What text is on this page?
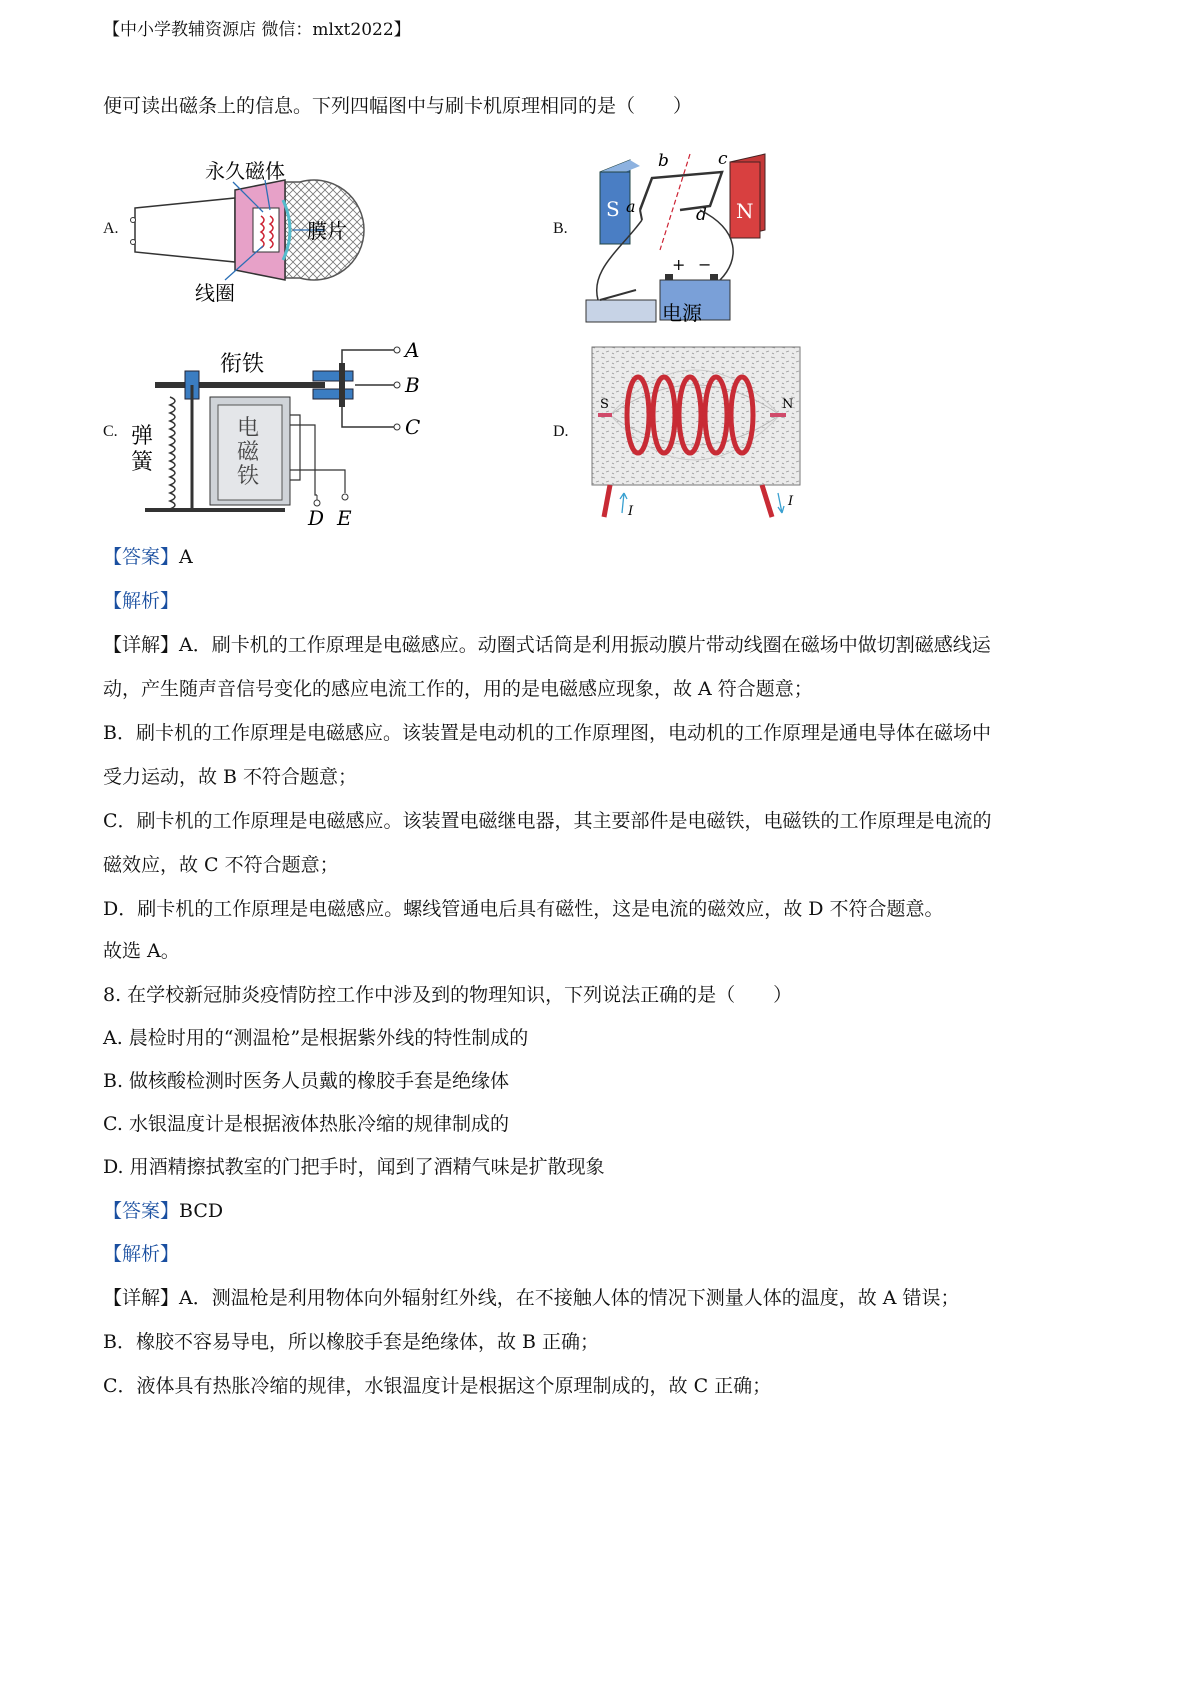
【中小学教辅资源店 微信：mlxt2022】
便可读出磁条上的信息。下列四幅图中与刷卡机原理相同的是（　　）
A.
永久磁体
膜片
线圈
B.
S	N
a
b	c
d
+ −
电源
C.
衔铁
弹
簧
电
磁
铁
A
B
C
D E
D.
S	N
I
I
【答案】A
【解析】
【详解】A．刷卡机的工作原理是电磁感应。动圈式话筒是利用振动膜片带动线圈在磁场中做切割磁感线运
动，产生随声音信号变化的感应电流工作的，用的是电磁感应现象，故 A 符合题意；
B．刷卡机的工作原理是电磁感应。该装置是电动机的工作原理图，电动机的工作原理是通电导体在磁场中
受力运动，故 B 不符合题意；
C．刷卡机的工作原理是电磁感应。该装置电磁继电器，其主要部件是电磁铁，电磁铁的工作原理是电流的
磁效应，故 C 不符合题意；
D．刷卡机的工作原理是电磁感应。螺线管通电后具有磁性，这是电流的磁效应，故 D 不符合题意。
故选 A。
8. 在学校新冠肺炎疫情防控工作中涉及到的物理知识，下列说法正确的是（　　）
A. 晨检时用的“测温枪”是根据紫外线的特性制成的
B. 做核酸检测时医务人员戴的橡胶手套是绝缘体
C. 水银温度计是根据液体热胀冷缩的规律制成的
D. 用酒精擦拭教室的门把手时，闻到了酒精气味是扩散现象
【答案】BCD
【解析】
【详解】A．测温枪是利用物体向外辐射红外线，在不接触人体的情况下测量人体的温度，故 A 错误；
B．橡胶不容易导电，所以橡胶手套是绝缘体，故 B 正确；
C．液体具有热胀冷缩的规律，水银温度计是根据这个原理制成的，故 C 正确；
